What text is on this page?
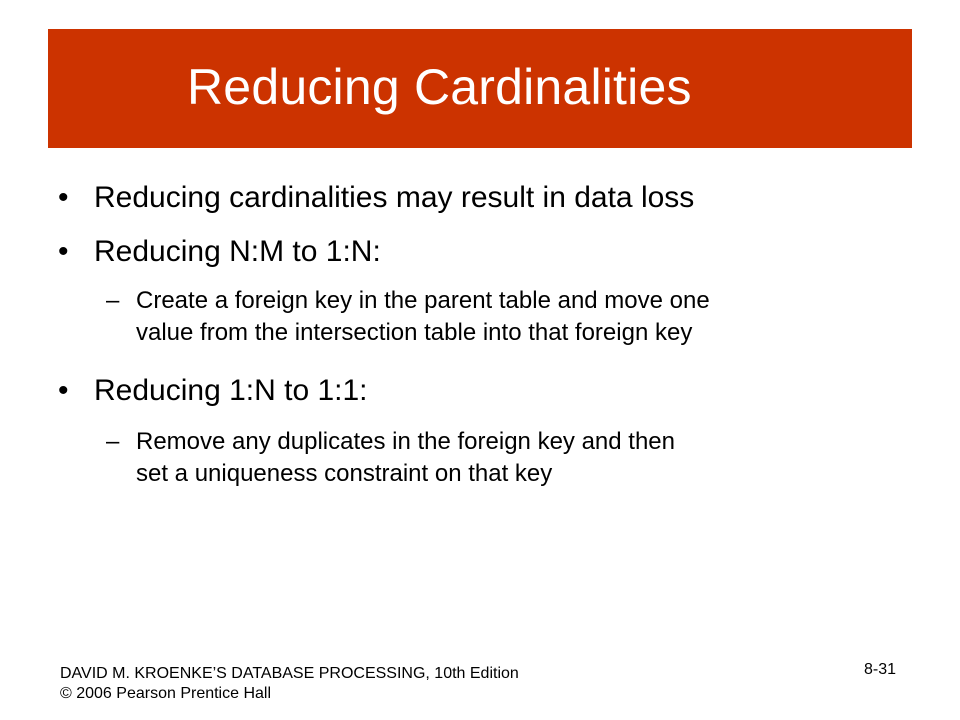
Reducing Cardinalities
• Reducing cardinalities may result in data loss
• Reducing N:M to 1:N:
– Create a foreign key in the parent table and move one
value from the intersection table into that foreign key
• Reducing 1:N to 1:1:
– Remove any duplicates in the foreign key and then
set a uniqueness constraint on that key
DAVID M. KROENKE’S DATABASE PROCESSING, 10th Edition
© 2006 Pearson Prentice Hall
8-31
